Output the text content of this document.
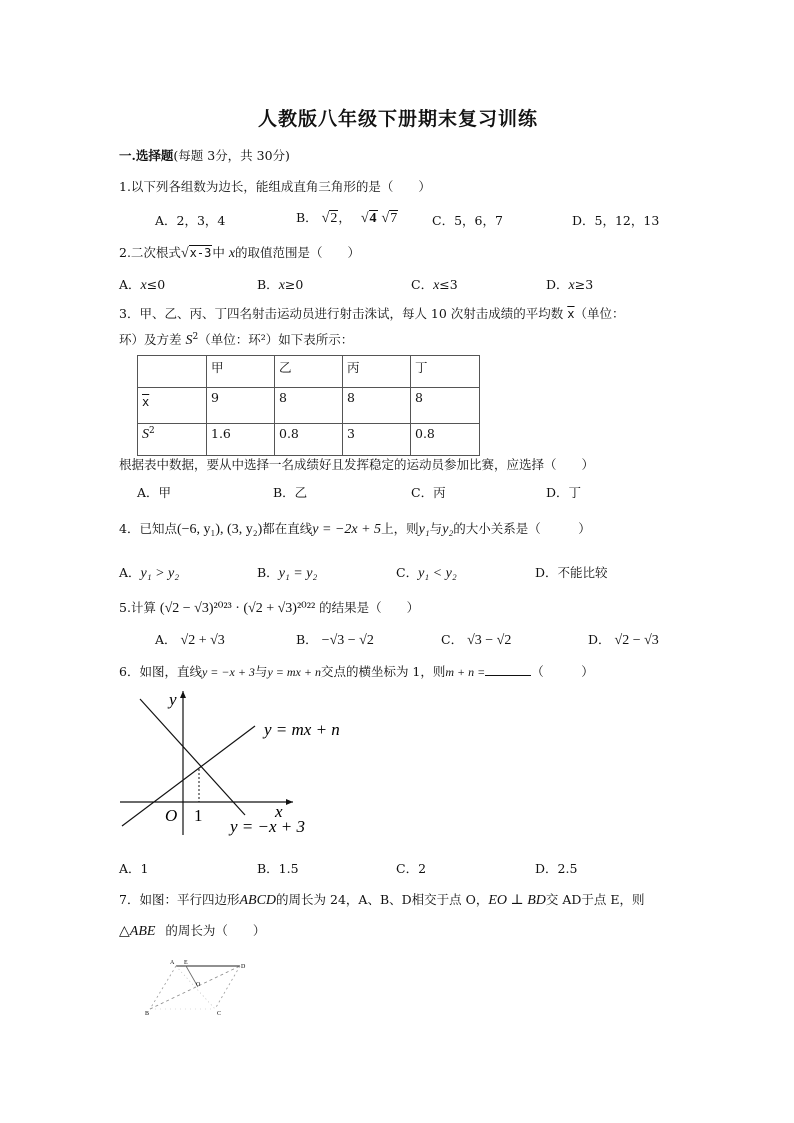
人教版八年级下册期末复习训练
一.选择题(每题 3分，共 30分)
1.以下列各组数为边长，能组成直角三角形的是（　　）
A．2，3，4	B． √2， √4 √7	C．5，6，7	D．5，12，13
2.二次根式√x-3中 x的取值范围是（　　）
A．x≤0	B．x≥0	C．x≤3	D．x≥3
3．甲、乙、丙、丁四名射击运动员进行射击洙试，每人 10 次射击成绩的平均数 $\overline{x}$（单位：
环）及方差 $S^2$（单位：环²）如下表所示：
	甲	乙	丙	丁
$\overline{x}$	9	8	8	8
$S^2$	1.6	0.8	3	0.8
根据表中数据，要从中选择一名成绩好且发挥稳定的运动员参加比赛，应选择（　　）
A．甲	B．乙	C．丙	D．丁
4．已知点(−6, y₁), (3, y₂)都在直线y = −2x + 5上，则y₁与y₂的大小关系是（　　　）
A．y₁ > y₂	B．y₁ = y₂	C．y₁ < y₂	D．不能比较
5.计算 (√2 − √3)²⁰²³ · (√2 + √3)²⁰²² 的结果是（　　）
A． √2 + √3	B． −√3 − √2	C． √3 − √2	D． √2 − √3
6．如图，直线y = −x + 3与y = mx + n交点的横坐标为 1，则m + n =	（　　　）
y
x
O 1
y = mx + n
y = −x + 3
A．1	B．1.5	C．2	D．2.5
7．如图：平行四边形ABCD的周长为 24，A、B、D相交于点 O，EO ⊥ BD交 AD于点 E，则
△ABE 的周长为（　　）
A E
D
O
B	C
